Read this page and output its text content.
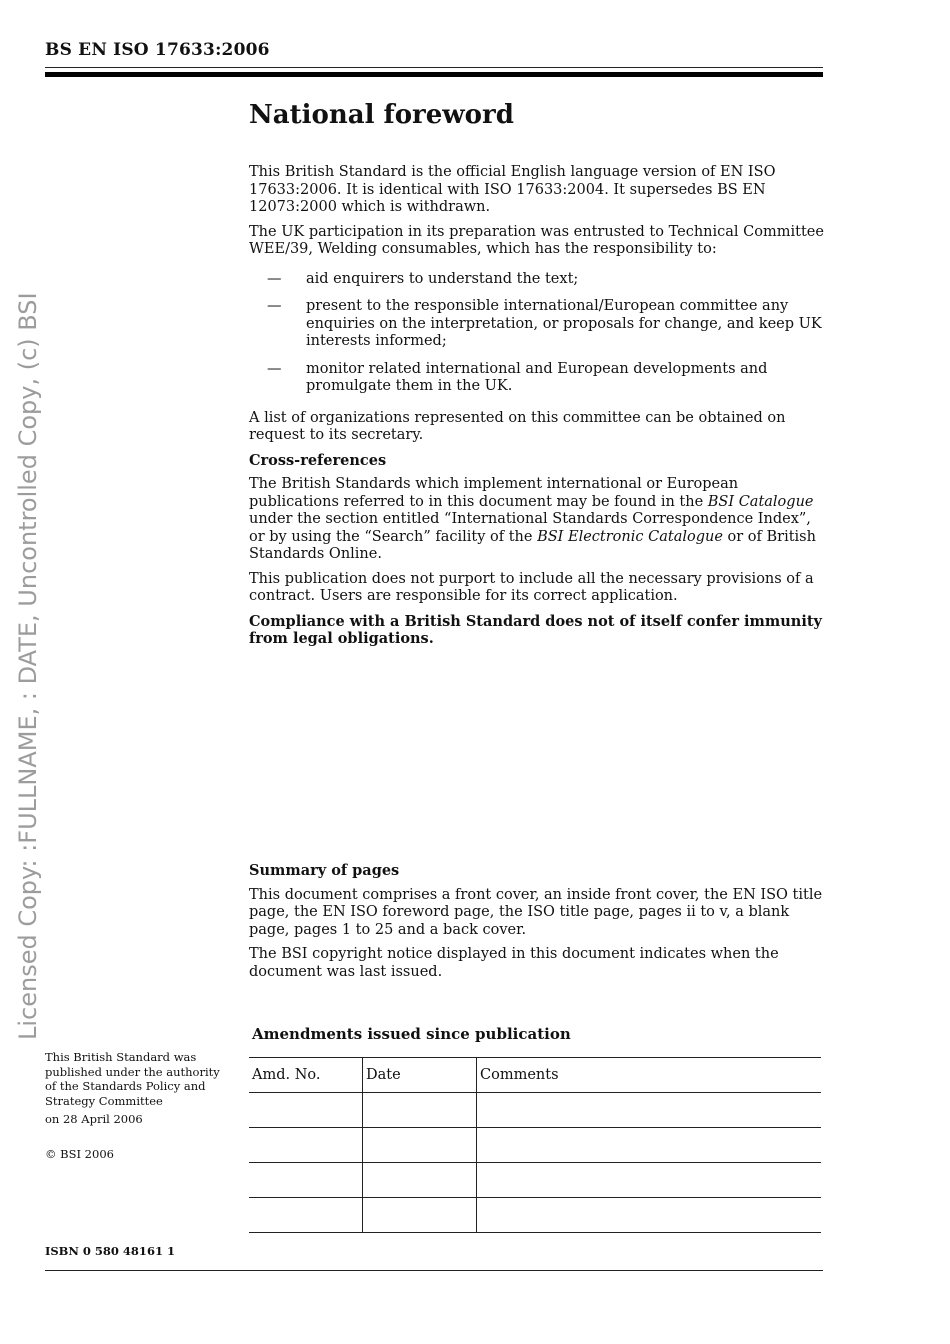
BS EN ISO 17633:2006
Licensed Copy: :FULLNAME, : DATE, Uncontrolled Copy, (c) BSI
National foreword

This British Standard is the official English language version of EN ISO 17633:2006. It is identical with ISO 17633:2004. It supersedes BS EN 12073:2000 which is withdrawn.

The UK participation in its preparation was entrusted to Technical Committee WEE/39, Welding consumables, which has the responsibility to:

— aid enquirers to understand the text;
— present to the responsible international/European committee any enquiries on the interpretation, or proposals for change, and keep UK interests informed;
— monitor related international and European developments and promulgate them in the UK.

A list of organizations represented on this committee can be obtained on request to its secretary.

Cross-references

The British Standards which implement international or European publications referred to in this document may be found in the BSI Catalogue under the section entitled “International Standards Correspondence Index”, or by using the “Search” facility of the BSI Electronic Catalogue or of British Standards Online.

This publication does not purport to include all the necessary provisions of a contract. Users are responsible for its correct application.

Compliance with a British Standard does not of itself confer immunity from legal obligations.

Summary of pages

This document comprises a front cover, an inside front cover, the EN ISO title page, the EN ISO foreword page, the ISO title page, pages ii to v, a blank page, pages 1 to 25 and a back cover.

The BSI copyright notice displayed in this document indicates when the document was last issued.

Amendments issued since publication
Amd. No.	Date	Comments

This British Standard was published under the authority of the Standards Policy and Strategy Committee

on 28 April 2006

© BSI 2006

ISBN 0 580 48161 1
